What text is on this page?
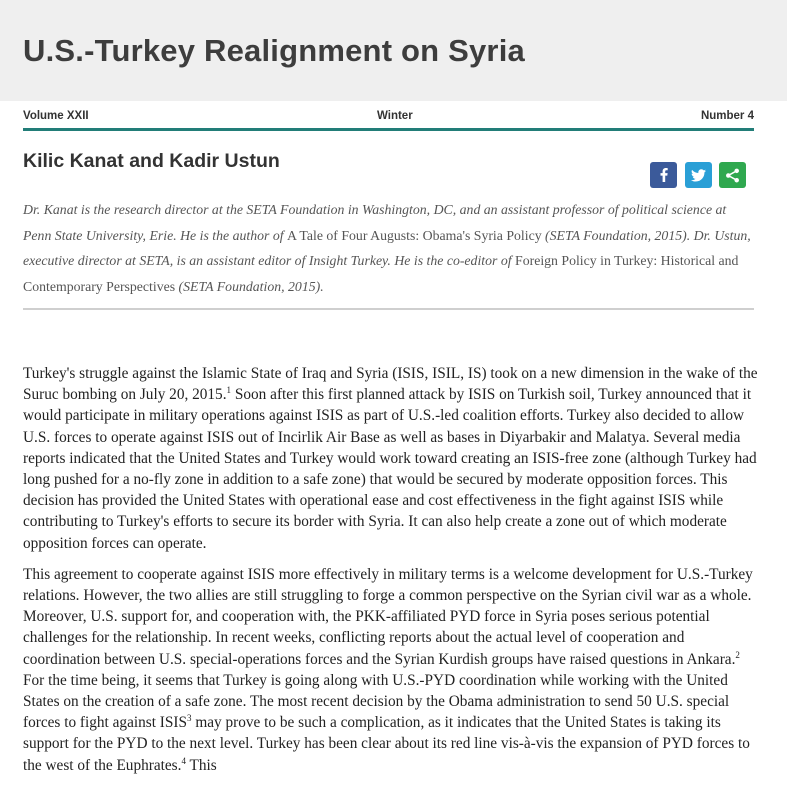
U.S.-Turkey Realignment on Syria
Volume XXII	Winter	Number 4
Kilic Kanat and Kadir Ustun

Dr. Kanat is the research director at the SETA Foundation in Washington, DC, and an assistant professor of political science at Penn State University, Erie. He is the author of A Tale of Four Augusts: Obama's Syria Policy (SETA Foundation, 2015). Dr. Ustun, executive director at SETA, is an assistant editor of Insight Turkey. He is the co-editor of Foreign Policy in Turkey: Historical and Contemporary Perspectives (SETA Foundation, 2015).

Turkey's struggle against the Islamic State of Iraq and Syria (ISIS, ISIL, IS) took on a new dimension in the wake of the Suruc bombing on July 20, 2015.$^1$ Soon after this first planned attack by ISIS on Turkish soil, Turkey announced that it would participate in military operations against ISIS as part of U.S.-led coalition efforts. Turkey also decided to allow U.S. forces to operate against ISIS out of Incirlik Air Base as well as bases in Diyarbakir and Malatya. Several media reports indicated that the United States and Turkey would work toward creating an ISIS-free zone (although Turkey had long pushed for a no-fly zone in addition to a safe zone) that would be secured by moderate opposition forces. This decision has provided the United States with operational ease and cost effectiveness in the fight against ISIS while contributing to Turkey's efforts to secure its border with Syria. It can also help create a zone out of which moderate opposition forces can operate.

This agreement to cooperate against ISIS more effectively in military terms is a welcome development for U.S.-Turkey relations. However, the two allies are still struggling to forge a common perspective on the Syrian civil war as a whole. Moreover, U.S. support for, and cooperation with, the PKK-affiliated PYD force in Syria poses serious potential challenges for the relationship. In recent weeks, conflicting reports about the actual level of cooperation and coordination between U.S. special-operations forces and the Syrian Kurdish groups have raised questions in Ankara.$^2$ For the time being, it seems that Turkey is going along with U.S.-PYD coordination while working with the United States on the creation of a safe zone. The most recent decision by the Obama administration to send 50 U.S. special forces to fight against ISIS$^3$ may prove to be such a complication, as it indicates that the United States is taking its support for the PYD to the next level. Turkey has been clear about its red line vis-à-vis the expansion of PYD forces to the west of the Euphrates.$^4$ This
